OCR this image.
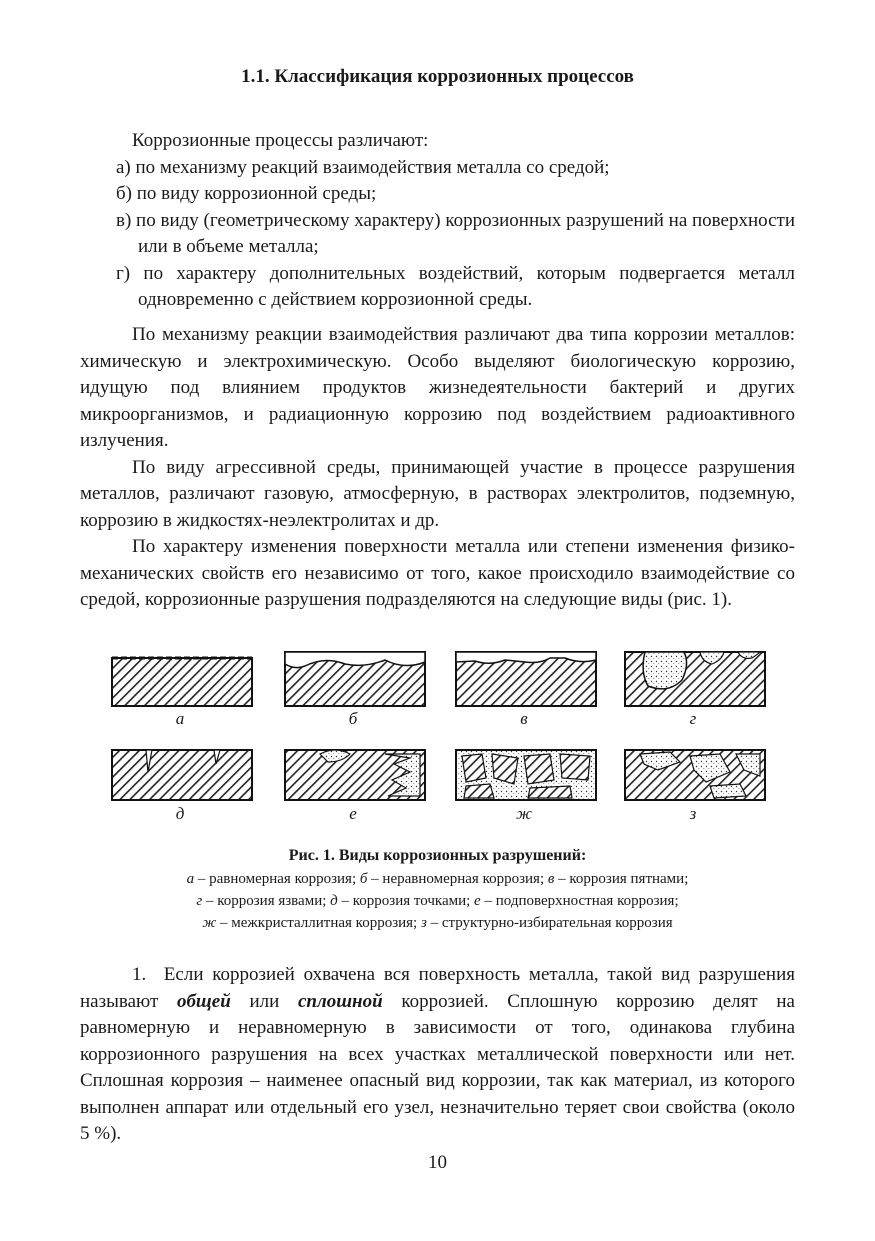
1.1. Классификация коррозионных процессов

Коррозионные процессы различают:

а) по механизму реакций взаимодействия металла со средой;
б) по виду коррозионной среды;
в) по виду (геометрическому характеру) коррозионных разрушений на поверхности или в объеме металла;
г) по характеру дополнительных воздействий, которым подвергается металл одновременно с действием коррозионной среды.

По механизму реакции взаимодействия различают два типа коррозии металлов: химическую и электрохимическую. Особо выделяют биологическую коррозию, идущую под влиянием продуктов жизнедеятельности бактерий и других микроорганизмов, и радиационную коррозию под воздействием радиоактивного излучения.

По виду агрессивной среды, принимающей участие в процессе разрушения металлов, различают газовую, атмосферную, в растворах электролитов, подземную, коррозию в жидкостях-неэлектролитах и др.

По характеру изменения поверхности металла или степени изменения физико-механических свойств его независимо от того, какое происходило взаимодействие со средой, коррозионные разрушения подразделяются на следующие виды (рис. 1).

а	б	в	г
д	е	ж	з
Рис. 1. Виды коррозионных разрушений:
а – равномерная коррозия; б – неравномерная коррозия; в – коррозия пятнами;
г – коррозия язвами; д – коррозия точками; е – подповерхностная коррозия;
ж – межкристаллитная коррозия; з – структурно-избирательная коррозия

1. Если коррозией охвачена вся поверхность металла, такой вид разрушения называют общей или сплошной коррозией. Сплошную коррозию делят на равномерную и неравномерную в зависимости от того, одинакова глубина коррозионного разрушения на всех участках металлической поверхности или нет. Сплошная коррозия – наименее опасный вид коррозии, так как материал, из которого выполнен аппарат или отдельный его узел, незначительно теряет свои свойства (около 5 %).

10
